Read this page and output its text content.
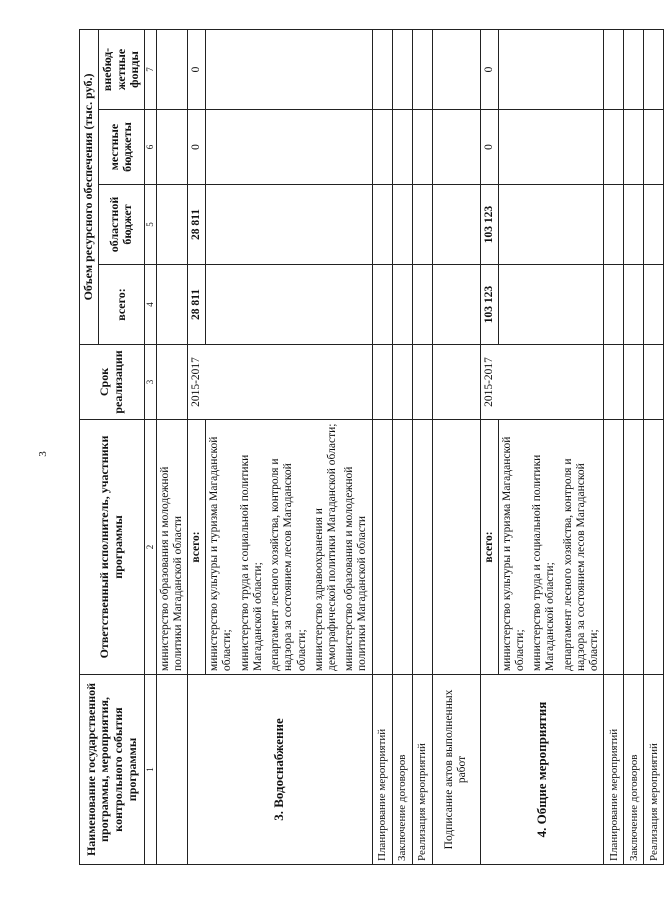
3
Наименование государственной программы, мероприятия, контрольного события программы	Ответственный исполнитель, участники программы	Срок реализации	Объем ресурсного обеспечения (тыс. руб.)			
			всего:	областной бюджет	местные бюджеты	внебюд-жетные фонды
1	2	3	4	5	6	7
	министерство образования и молодежной политики Магаданской области					
3. Водоснабжение	всего:	2015-2017	28 811	28 811	0	0

	министерство культуры и туризма Магаданской области; министерство труда и социальной политики Магаданской области; департамент лесного хозяйства, контроля и надзора за состоянием лесов Магаданской области; министерство здравоохранения и демографической политики Магаданской области; министерство образования и молодежной политики Магаданской области					

Планирование мероприятий						
Заключение договоров						
Реализация мероприятий						
Подписание актов выполненных работ						
4. Общие мероприятия	всего:	2015-2017	103 123	103 123	0	0

	министерство культуры и туризма Магаданской области; министерство труда и социальной политики Магаданской области; департамент лесного хозяйства, контроля и надзора за состоянием лесов Магаданской области;					

Планирование мероприятий						
Заключение договоров						
Реализация мероприятий						
